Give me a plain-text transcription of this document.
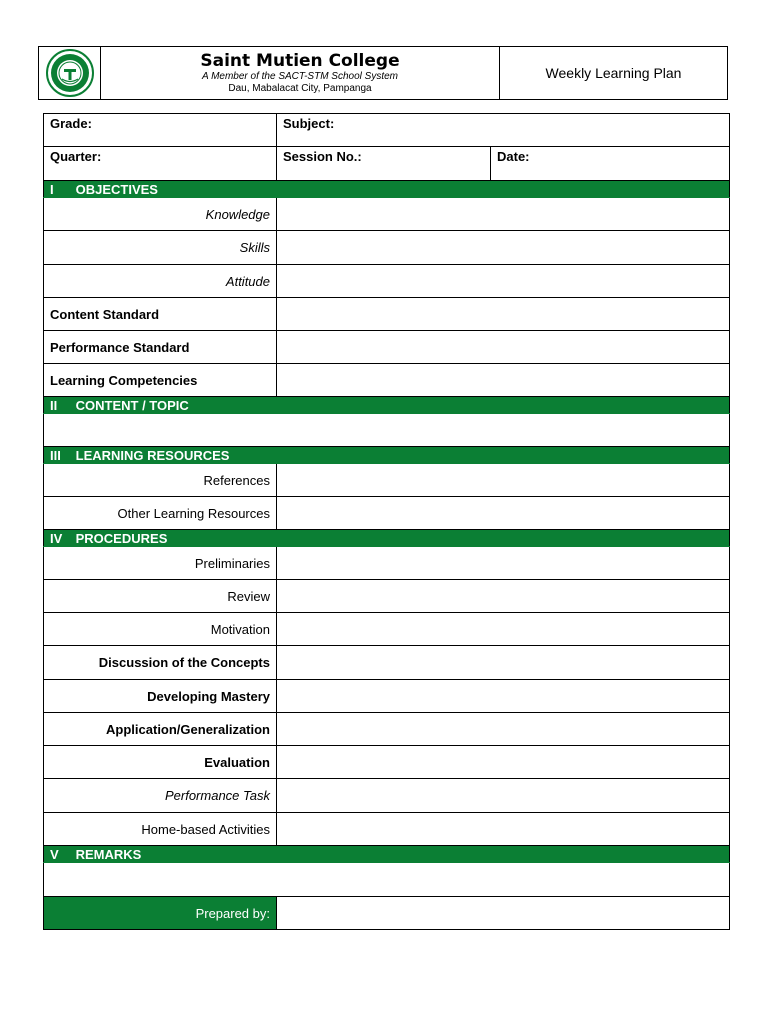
Saint Mutien College
A Member of the SACT-STM School System
Dau, Mabalacat City, Pampanga
Weekly Learning Plan
Grade:	Subject:	
Quarter:	Session No.:	Date:
I OBJECTIVES		
Knowledge		
Skills		
Attitude		
Content Standard		
Performance Standard		
Learning Competencies		
II CONTENT / TOPIC		

III LEARNING RESOURCES		
References		
Other Learning Resources		
IV PROCEDURES		
Preliminaries		
Review		
Motivation		
Discussion of the Concepts		
Developing Mastery		
Application/Generalization		
Evaluation		
Performance Task		
Home-based Activities		
V REMARKS		

Prepared by:		
